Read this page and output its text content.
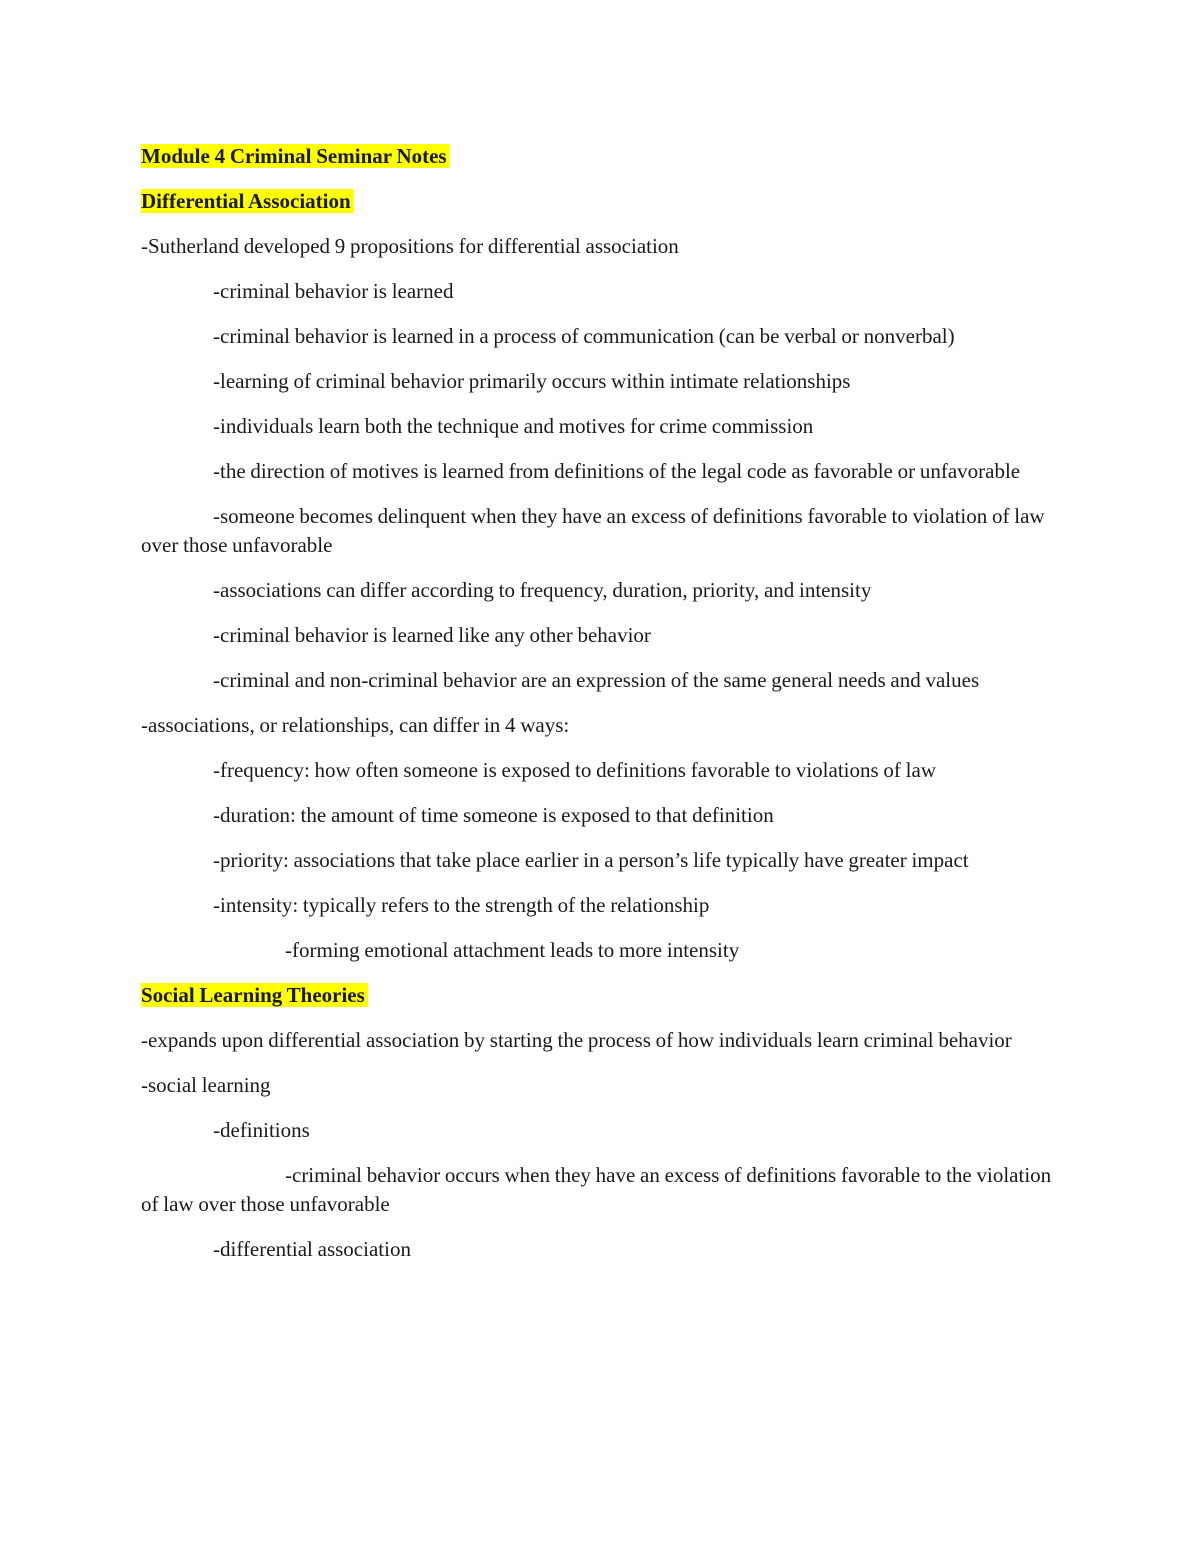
Module 4 Criminal Seminar Notes

Differential Association

-Sutherland developed 9 propositions for differential association

-criminal behavior is learned

-criminal behavior is learned in a process of communication (can be verbal or nonverbal)

-learning of criminal behavior primarily occurs within intimate relationships

-individuals learn both the technique and motives for crime commission

-the direction of motives is learned from definitions of the legal code as favorable or unfavorable

-someone becomes delinquent when they have an excess of definitions favorable to violation of law over those unfavorable

-associations can differ according to frequency, duration, priority, and intensity

-criminal behavior is learned like any other behavior

-criminal and non-criminal behavior are an expression of the same general needs and values

-associations, or relationships, can differ in 4 ways:

-frequency: how often someone is exposed to definitions favorable to violations of law

-duration: the amount of time someone is exposed to that definition

-priority: associations that take place earlier in a person’s life typically have greater impact

-intensity: typically refers to the strength of the relationship

-forming emotional attachment leads to more intensity

Social Learning Theories

-expands upon differential association by starting the process of how individuals learn criminal behavior

-social learning

-definitions

-criminal behavior occurs when they have an excess of definitions favorable to the violation of law over those unfavorable

-differential association
